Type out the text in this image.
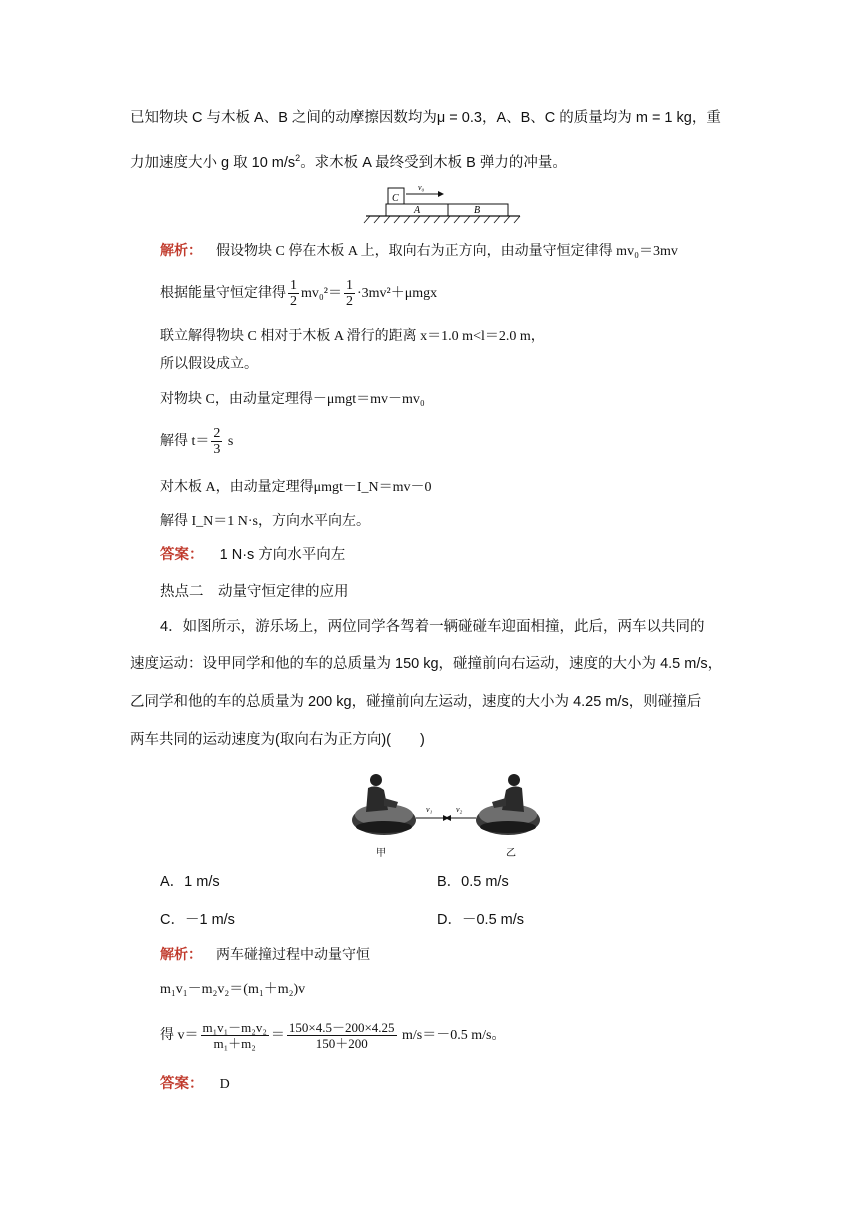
已知物块 C 与木板 A、B 之间的动摩擦因数均为μ = 0.3，A、B、C 的质量均为 m = 1 kg，重
力加速度大小 g 取 10 $m/s^2$。求木板 A 最终受到木板 B 弹力的冲量。
C
A	B
v₀
解析： 假设物块 C 停在木板 A 上，取向右为正方向，由动量守恒定律得 mv₀＝3mv
根据能量守恒定律得 $\frac{1}{2} mv_0^2= \frac{1}{2} \cdot 3mv^2+\mu mgx$
联立解得物块 C 相对于木板 A 滑行的距离 x＝1.0 m<l＝2.0 m，
所以假设成立。
对物块 C，由动量定理得－μmgt＝mv－mv₀
解得 $t= \frac{2}{3}$ s
对木板 A，由动量定理得μmgt－I_N＝mv－0
解得 I_N＝1 N·s，方向水平向左。
答案： 1 N·s 方向水平向左
热点二　动量守恒定律的应用
4．如图所示，游乐场上，两位同学各驾着一辆碰碰车迎面相撞，此后，两车以共同的
速度运动：设甲同学和他的车的总质量为 150 kg，碰撞前向右运动，速度的大小为 4.5 m/s，
乙同学和他的车的总质量为 200 kg，碰撞前向左运动，速度的大小为 4.25 m/s，则碰撞后
两车共同的运动速度为(取向右为正方向)(　　)
v₁	v₂
甲	乙
A．1 m/s	B．0.5 m/s
C．－1 m/s	D．－0.5 m/s
解析： 两车碰撞过程中动量守恒
m₁v₁－m₂v₂＝(m₁＋m₂)v
得 $v= \frac{\text{m₁v₁－m₂v₂}}{\text{m₁＋m₂}} = \frac{150\times 4.5-200\times 4.25}{150+200} m/s=-0.5$ m/s。
答案： D
